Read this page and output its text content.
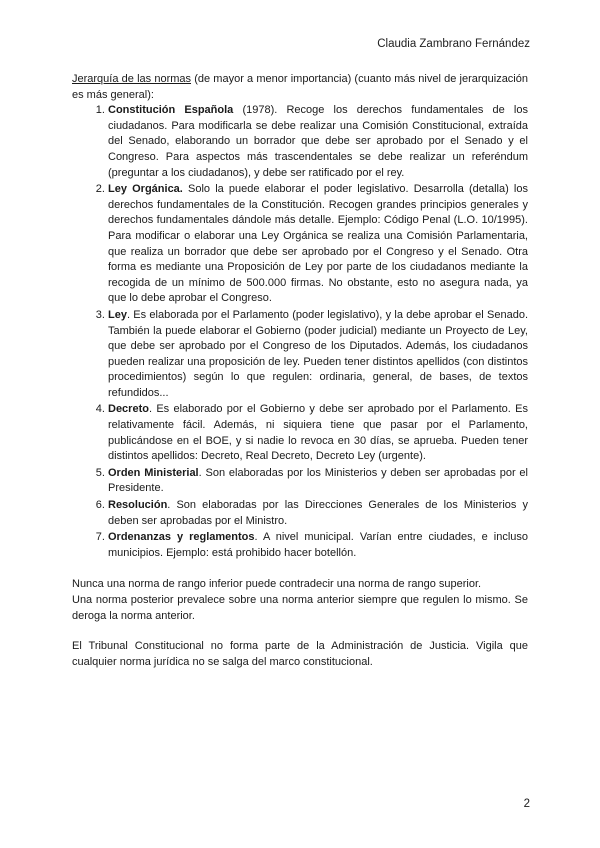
Claudia Zambrano Fernández

Jerarquía de las normas (de mayor a menor importancia) (cuanto más nivel de jerarquización es más general):

1. Constitución Española (1978). Recoge los derechos fundamentales de los ciudadanos. Para modificarla se debe realizar una Comisión Constitucional, extraída del Senado, elaborando un borrador que debe ser aprobado por el Senado y el Congreso. Para aspectos más trascendentales se debe realizar un referéndum (preguntar a los ciudadanos), y debe ser ratificado por el rey.
2. Ley Orgánica. Solo la puede elaborar el poder legislativo. Desarrolla (detalla) los derechos fundamentales de la Constitución. Recogen grandes principios generales y derechos fundamentales dándole más detalle. Ejemplo: Código Penal (L.O. 10/1995). Para modificar o elaborar una Ley Orgánica se realiza una Comisión Parlamentaria, que realiza un borrador que debe ser aprobado por el Congreso y el Senado. Otra forma es mediante una Proposición de Ley por parte de los ciudadanos mediante la recogida de un mínimo de 500.000 firmas. No obstante, esto no asegura nada, ya que lo debe aprobar el Congreso.
3. Ley. Es elaborada por el Parlamento (poder legislativo), y la debe aprobar el Senado. También la puede elaborar el Gobierno (poder judicial) mediante un Proyecto de Ley, que debe ser aprobado por el Congreso de los Diputados. Además, los ciudadanos pueden realizar una proposición de ley. Pueden tener distintos apellidos (con distintos procedimientos) según lo que regulen: ordinaria, general, de bases, de textos refundidos...
4. Decreto. Es elaborado por el Gobierno y debe ser aprobado por el Parlamento. Es relativamente fácil. Además, ni siquiera tiene que pasar por el Parlamento, publicándose en el BOE, y si nadie lo revoca en 30 días, se aprueba. Pueden tener distintos apellidos: Decreto, Real Decreto, Decreto Ley (urgente).
5. Orden Ministerial. Son elaboradas por los Ministerios y deben ser aprobadas por el Presidente.
6. Resolución. Son elaboradas por las Direcciones Generales de los Ministerios y deben ser aprobadas por el Ministro.
7. Ordenanzas y reglamentos. A nivel municipal. Varían entre ciudades, e incluso municipios. Ejemplo: está prohibido hacer botellón.

Nunca una norma de rango inferior puede contradecir una norma de rango superior.

Una norma posterior prevalece sobre una norma anterior siempre que regulen lo mismo. Se deroga la norma anterior.

El Tribunal Constitucional no forma parte de la Administración de Justicia. Vigila que cualquier norma jurídica no se salga del marco constitucional.

2
